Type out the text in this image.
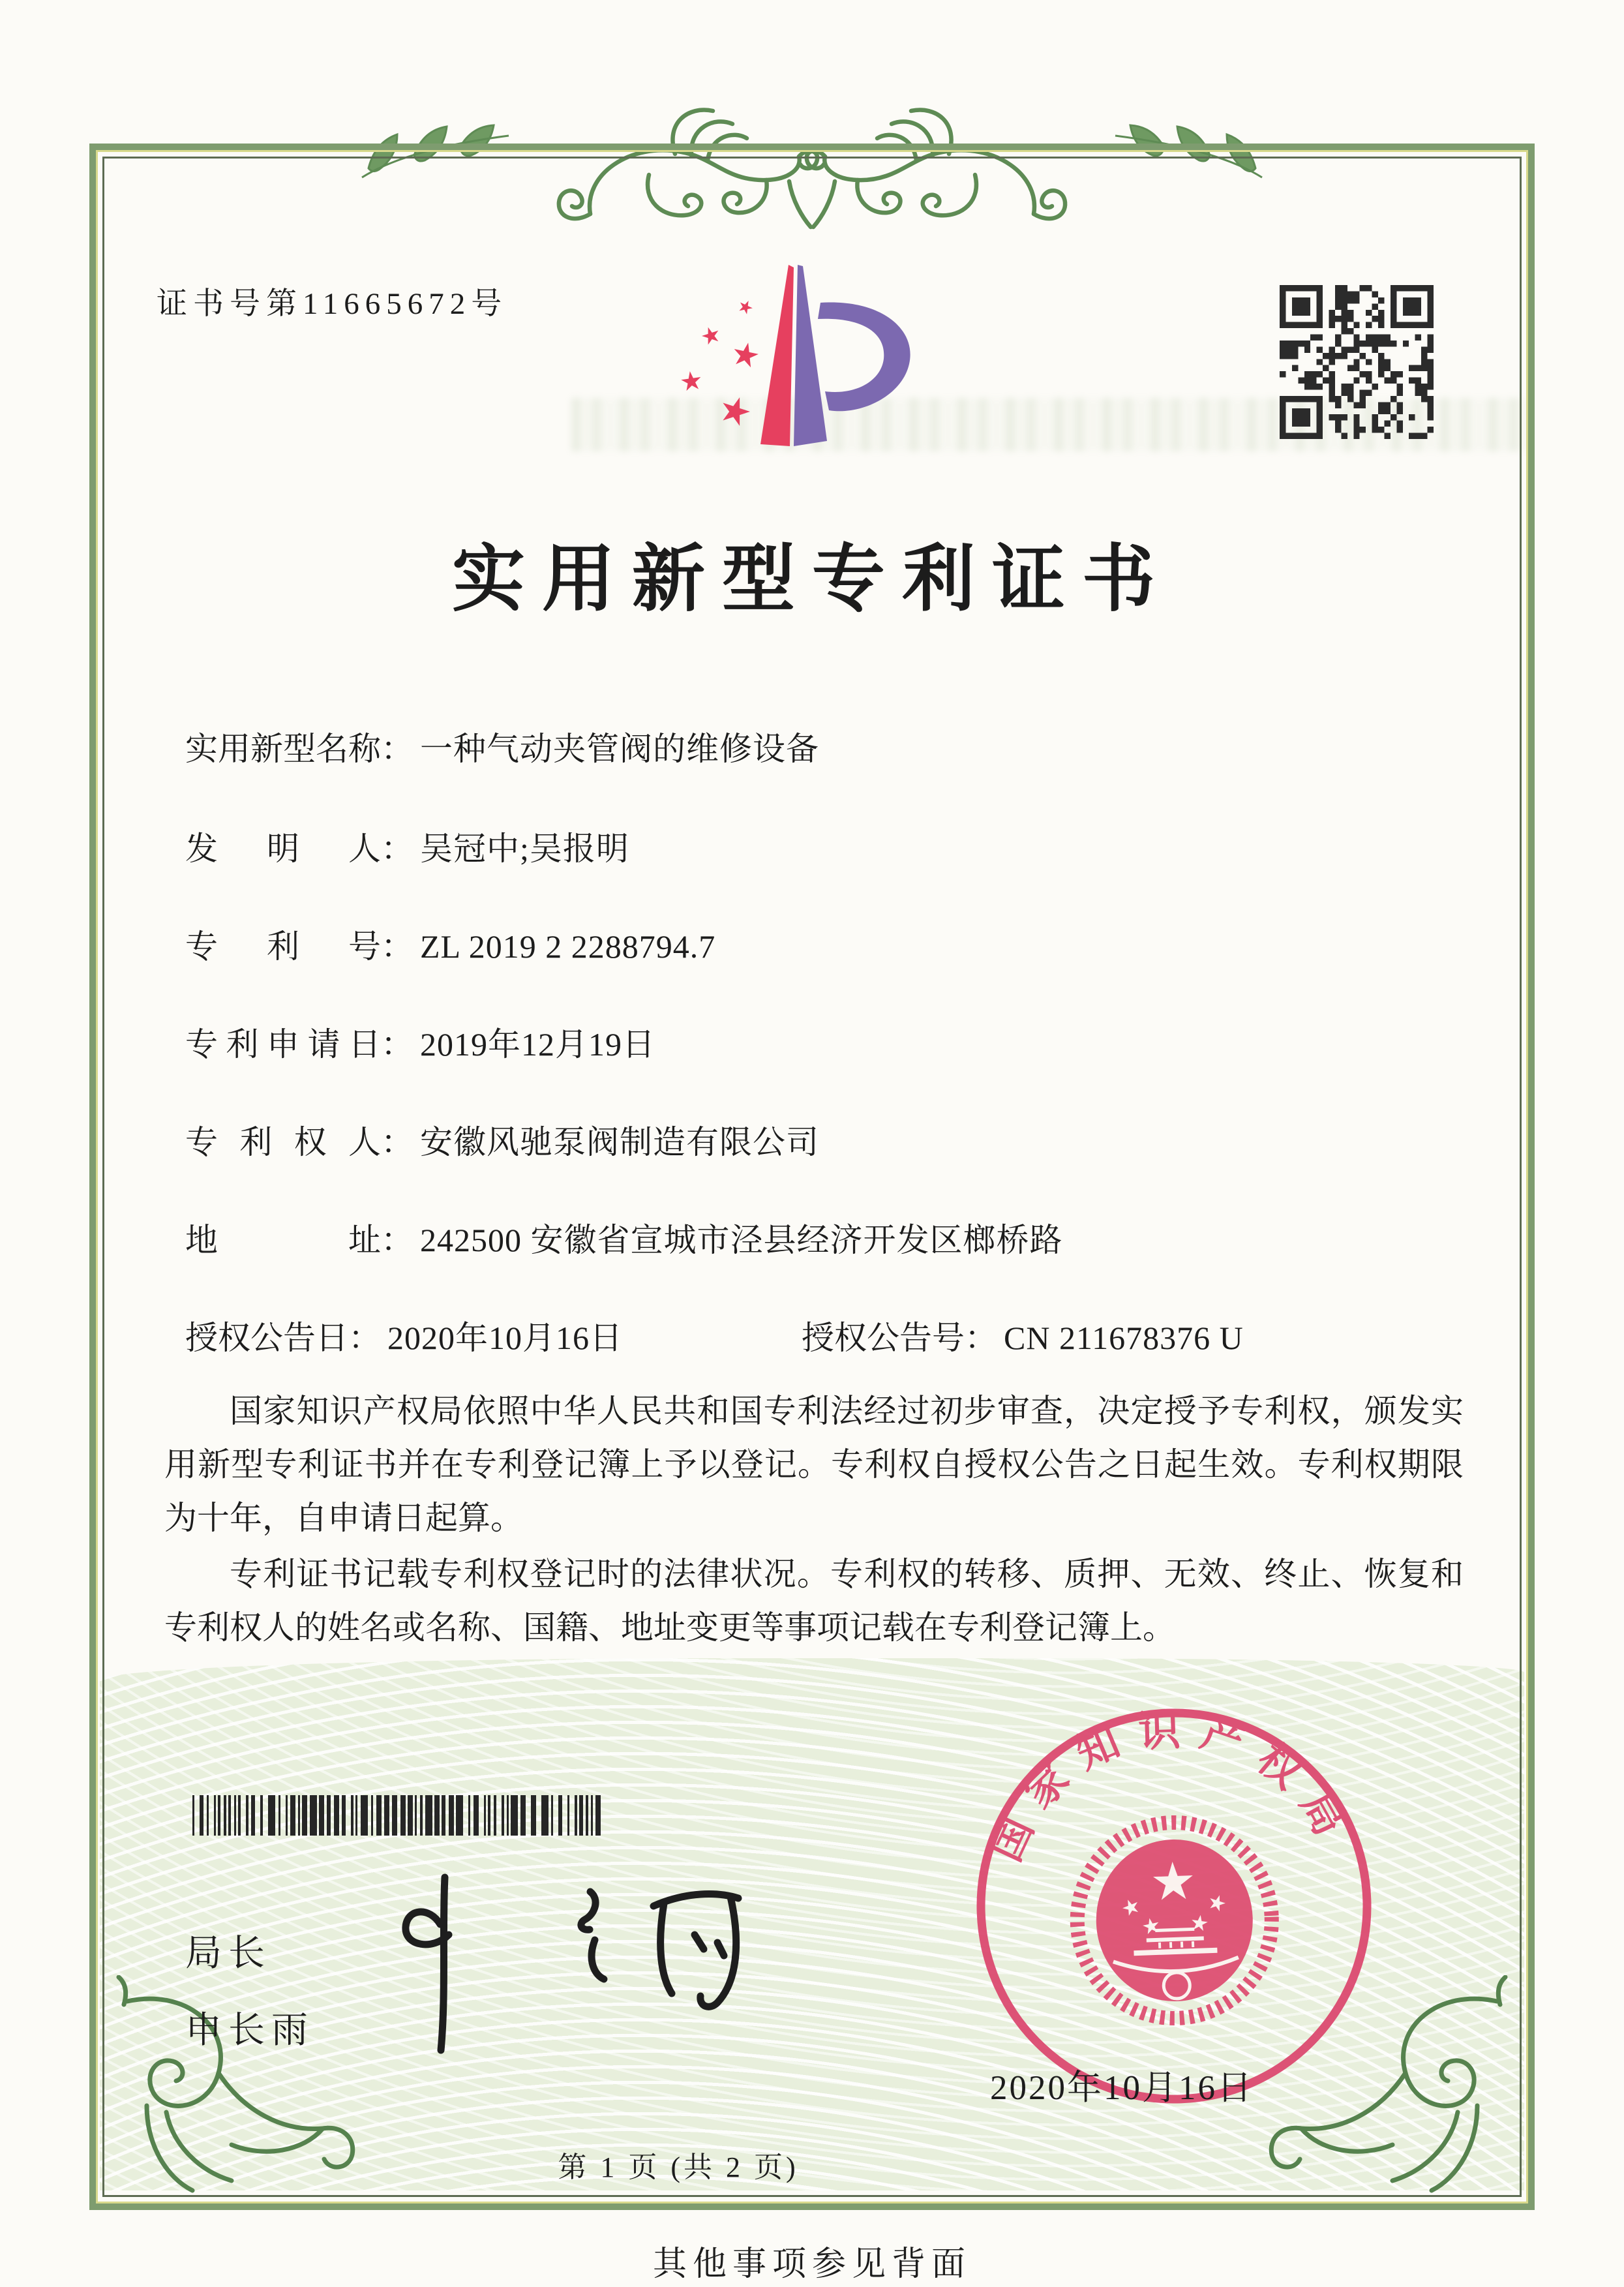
证书号第11665672号
实用新型专利证书
实用新型名称： 一种气动夹管阀的维修设备
发明人： 吴冠中;吴报明
专利号： ZL 2019 2 2288794.7
专利申请日： 2019年12月19日
专利权人： 安徽风驰泵阀制造有限公司
地址： 242500 安徽省宣城市泾县经济开发区榔桥路
授权公告日： 2020年10月16日	授权公告号： CN 211678376 U

国家知识产权局依照中华人民共和国专利法经过初步审查，决定授予专利权，颁发实用新型专利证书并在专利登记簿上予以登记。专利权自授权公告之日起生效。专利权期限为十年，自申请日起算。

专利证书记载专利权登记时的法律状况。专利权的转移、质押、无效、终止、恢复和专利权人的姓名或名称、国籍、地址变更等事项记载在专利登记簿上。

局长
申长雨
国家知识产权局
2020年10月16日
第 1 页 (共 2 页)
其他事项参见背面
